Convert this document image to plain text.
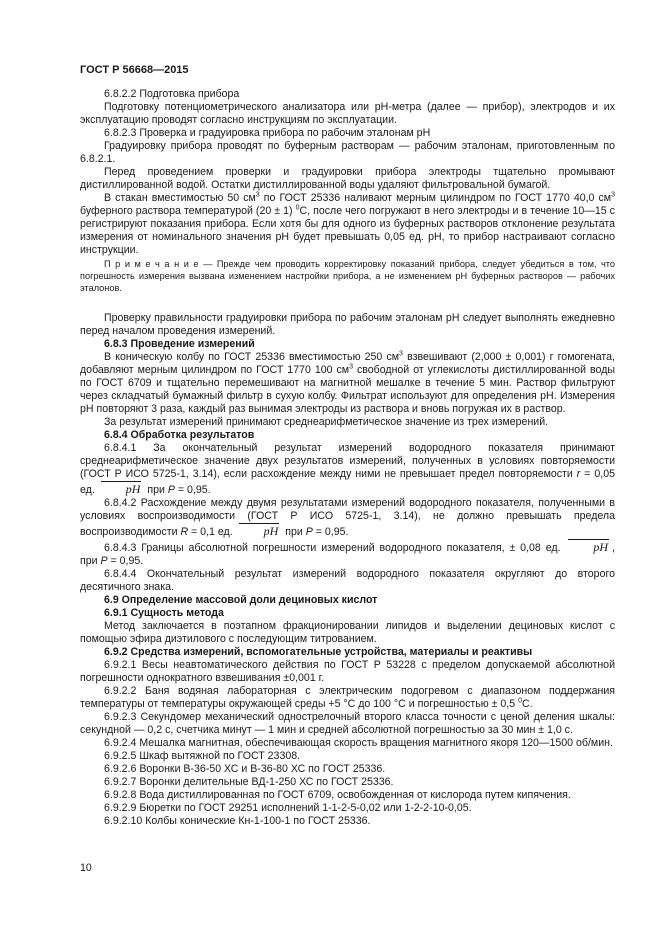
ГОСТ Р 56668—2015

6.8.2.2 Подготовка прибора

Подготовку потенциометрического анализатора или рН-метра (далее — прибор), электродов и их эксплуатацию проводят согласно инструкциям по эксплуатации.

6.8.2.3 Проверка и градуировка прибора по рабочим эталонам рН

Градуировку прибора проводят по буферным растворам — рабочим эталонам, приготовленным по 6.8.2.1.

Перед проведением проверки и градуировки прибора электроды тщательно промывают дистиллированной водой. Остатки дистиллированной воды удаляют фильтровальной бумагой.

В стакан вместимостью 50 $см^3$ по ГОСТ 25336 наливают мерным цилиндром по ГОСТ 1770 40,0 $см^3$ буферного раствора температурой (20 ± 1) $^0$С, после чего погружают в него электроды и в течение 10—15 с регистрируют показания прибора. Если хотя бы для одного из буферных растворов отклонение результата измерения от номинального значения рН будет превышать 0,05 ед. рН, то прибор настраивают согласно инструкции.

П р и м е ч а н и е — Прежде чем проводить корректировку показаний прибора, следует убедиться в том, что погрешность измерения вызвана изменением настройки прибора, а не изменением рН буферных растворов — рабочих эталонов.

Проверку правильности градуировки прибора по рабочим эталонам рН следует выполнять ежедневно перед началом проведения измерений.

6.8.3 Проведение измерений

В коническую колбу по ГОСТ 25336 вместимостью 250 $см^3$ взвешивают (2,000 ± 0,001) г гомогената, добавляют мерным цилиндром по ГОСТ 1770 100 $см^3$ свободной от углекислоты дистиллированной воды по ГОСТ 6709 и тщательно перемешивают на магнитной мешалке в течение 5 мин. Раствор фильтруют через складчатый бумажный фильтр в сухую колбу. Фильтрат используют для определения рН. Измерения рН повторяют 3 раза, каждый раз вынимая электроды из раствора и вновь погружая их в раствор.

За результат измерений принимают среднеарифметическое значение из трех измерений.

6.8.4 Обработка результатов

6.8.4.1 За окончательный результат измерений водородного показателя принимают среднеарифметическое значение двух результатов измерений, полученных в условиях повторяемости (ГОСТ Р ИСО 5725-1, 3.14), если расхождение между ними не превышает предел повторяемости r = 0,05 ед. pH при P = 0,95.

6.8.4.2 Расхождение между двумя результатами измерений водородного показателя, полученными в условиях воспроизводимости (ГОСТ Р ИСО 5725-1, 3.14), не должно превышать предела воспроизводимости R = 0,1 ед. pH при P = 0,95.

6.8.4.3 Границы абсолютной погрешности измерений водородного показателя, ± 0,08 ед. pH , при P = 0,95.

6.8.4.4 Окончательный результат измерений водородного показателя округляют до второго десятичного знака.

6.9 Определение массовой доли дециновых кислот

6.9.1 Сущность метода

Метод заключается в поэтапном фракционировании липидов и выделении дециновых кислот с помощью эфира диэтилового с последующим титрованием.

6.9.2 Средства измерений, вспомогательные устройства, материалы и реактивы

6.9.2.1 Весы неавтоматического действия по ГОСТ Р 53228 с пределом допускаемой абсолютной погрешности однократного взвешивания ±0,001 г.

6.9.2.2 Баня водяная лабораторная с электрическим подогревом с диапазоном поддержания температуры от температуры окружающей среды +5 °С до 100 °С и погрешностью ± 0,5 $^0$С.

6.9.2.3 Секундомер механический однострелочный второго класса точности с ценой деления шкалы: секундной — 0,2 с, счетчика минут — 1 мин и средней абсолютной погрешностью за 30 мин ± 1,0 с.

6.9.2.4 Мешалка магнитная, обеспечивающая скорость вращения магнитного якоря 120—1500 об/мин.

6.9.2.5 Шкаф вытяжной по ГОСТ 23308.

6.9.2.6 Воронки В-36-50 ХС и В-36-80 ХС по ГОСТ 25336.

6.9.2.7 Воронки делительные ВД-1-250 ХС по ГОСТ 25336.

6.9.2.8 Вода дистиллированная по ГОСТ 6709, освобожденная от кислорода путем кипячения.

6.9.2.9 Бюретки по ГОСТ 29251 исполнений 1-1-2-5-0,02 или 1-2-2-10-0,05.

6.9.2.10 Колбы конические Кн-1-100-1 по ГОСТ 25336.

10
